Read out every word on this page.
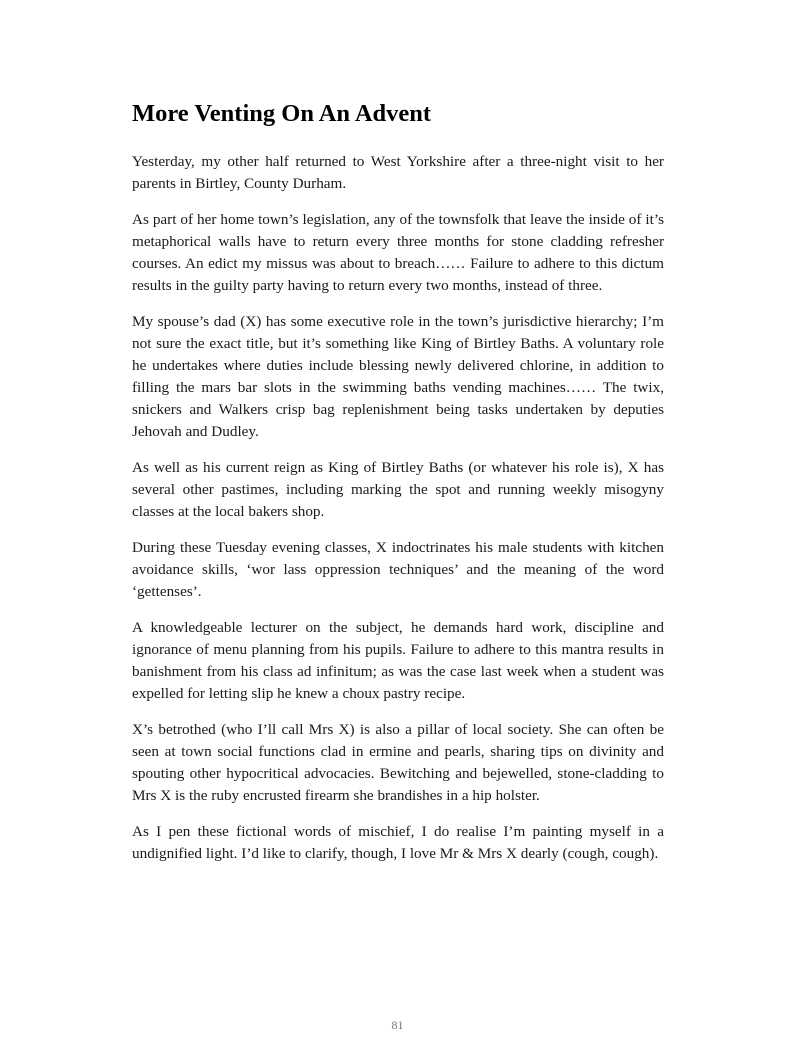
More Venting On An Advent

Yesterday, my other half returned to West Yorkshire after a three-night visit to her parents in Birtley, County Durham.

As part of her home town’s legislation, any of the townsfolk that leave the inside of it’s metaphorical walls have to return every three months for stone cladding refresher courses. An edict my missus was about to breach…… Failure to adhere to this dictum results in the guilty party having to return every two months, instead of three.

My spouse’s dad (X) has some executive role in the town’s jurisdictive hierarchy; I’m not sure the exact title, but it’s something like King of Birtley Baths. A voluntary role he undertakes where duties include blessing newly delivered chlorine, in addition to filling the mars bar slots in the swimming baths vending machines…… The twix, snickers and Walkers crisp bag replenishment being tasks undertaken by deputies Jehovah and Dudley.

As well as his current reign as King of Birtley Baths (or whatever his role is), X has several other pastimes, including marking the spot and running weekly misogyny classes at the local bakers shop.

During these Tuesday evening classes, X indoctrinates his male students with kitchen avoidance skills, ‘wor lass oppression techniques’ and the meaning of the word ‘gettenses’.

A knowledgeable lecturer on the subject, he demands hard work, discipline and ignorance of menu planning from his pupils. Failure to adhere to this mantra results in banishment from his class ad infinitum; as was the case last week when a student was expelled for letting slip he knew a choux pastry recipe.

X’s betrothed (who I’ll call Mrs X) is also a pillar of local society. She can often be seen at town social functions clad in ermine and pearls, sharing tips on divinity and spouting other hypocritical advocacies. Bewitching and bejewelled, stone-cladding to Mrs X is the ruby encrusted firearm she brandishes in a hip holster.

As I pen these fictional words of mischief, I do realise I’m painting myself in a undignified light. I’d like to clarify, though, I love Mr & Mrs X dearly (cough, cough).

81
